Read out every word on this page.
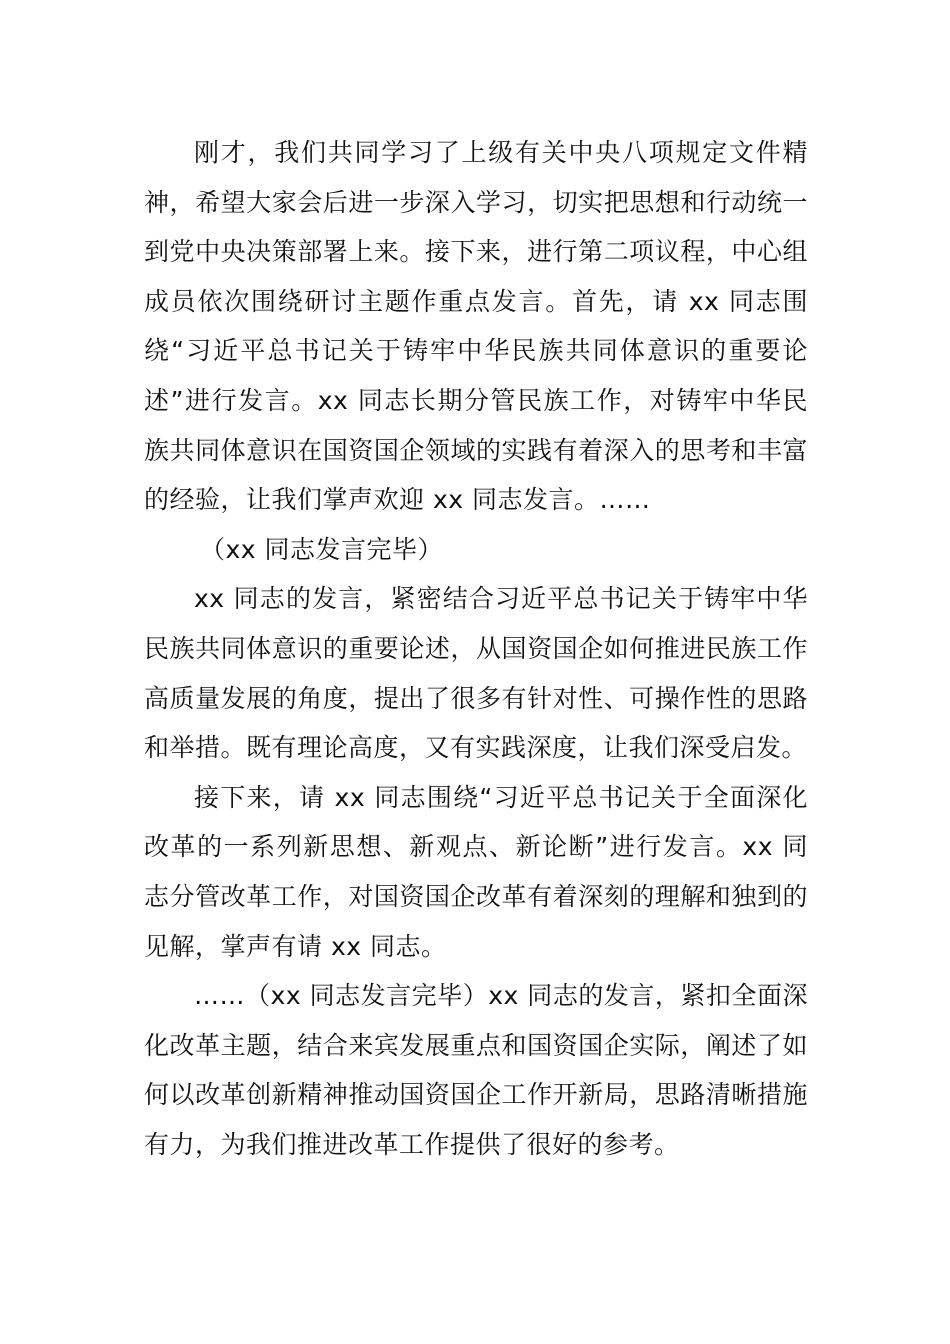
刚才，我们共同学习了上级有关中央八项规定文件精神，希望大家会后进一步深入学习，切实把思想和行动统一到党中央决策部署上来。接下来，进行第二项议程，中心组成员依次围绕研讨主题作重点发言。首先，请 xx 同志围绕“习近平总书记关于铸牢中华民族共同体意识的重要论述”进行发言。xx 同志长期分管民族工作，对铸牢中华民族共同体意识在国资国企领域的实践有着深入的思考和丰富的经验，让我们掌声欢迎 xx 同志发言。……

（xx 同志发言完毕）

xx 同志的发言，紧密结合习近平总书记关于铸牢中华民族共同体意识的重要论述，从国资国企如何推进民族工作高质量发展的角度，提出了很多有针对性、可操作性的思路和举措。既有理论高度，又有实践深度，让我们深受启发。

接下来，请 xx 同志围绕“习近平总书记关于全面深化改革的一系列新思想、新观点、新论断”进行发言。xx 同志分管改革工作，对国资国企改革有着深刻的理解和独到的见解，掌声有请 xx 同志。

……（xx 同志发言完毕）xx 同志的发言，紧扣全面深化改革主题，结合来宾发展重点和国资国企实际，阐述了如何以改革创新精神推动国资国企工作开新局，思路清晰措施有力，为我们推进改革工作提供了很好的参考。
